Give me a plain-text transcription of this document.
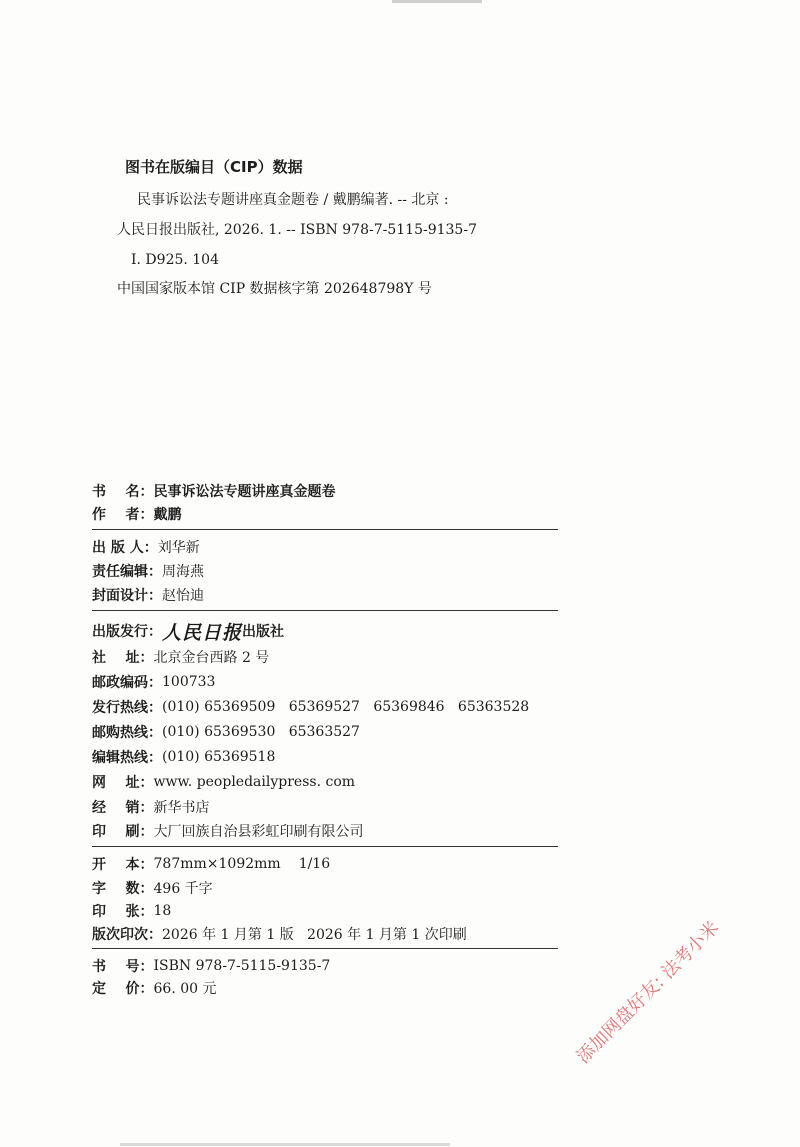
图书在版编目（CIP）数据
民事诉讼法专题讲座真金题卷 / 戴鹏编著. -- 北京 :
人民日报出版社, 2026. 1. -- ISBN 978-7-5115-9135-7
Ⅰ. D925. 104
中国国家版本馆 CIP 数据核字第 202648798Y 号
书    名： 民事诉讼法专题讲座真金题卷
作    者： 戴鹏
出 版 人： 刘华新
责任编辑： 周海燕
封面设计： 赵怡迪
出版发行： 人民日报 出版社
社    址： 北京金台西路 2 号
邮政编码： 100733
发行热线： (010) 65369509   65369527   65369846   65363528
邮购热线： (010) 65369530   65363527
编辑热线： (010) 65369518
网    址： www. peopledailypress. com
经    销： 新华书店
印    刷： 大厂回族自治县彩虹印刷有限公司
开    本： 787mm×1092mm 1/16
字    数： 496 千字
印    张： 18
版次印次： 2026 年 1 月第 1 版   2026 年 1 月第 1 次印刷
书    号： ISBN 978-7-5115-9135-7
定    价： 66. 00 元	添加网盘好友: 法考小米
